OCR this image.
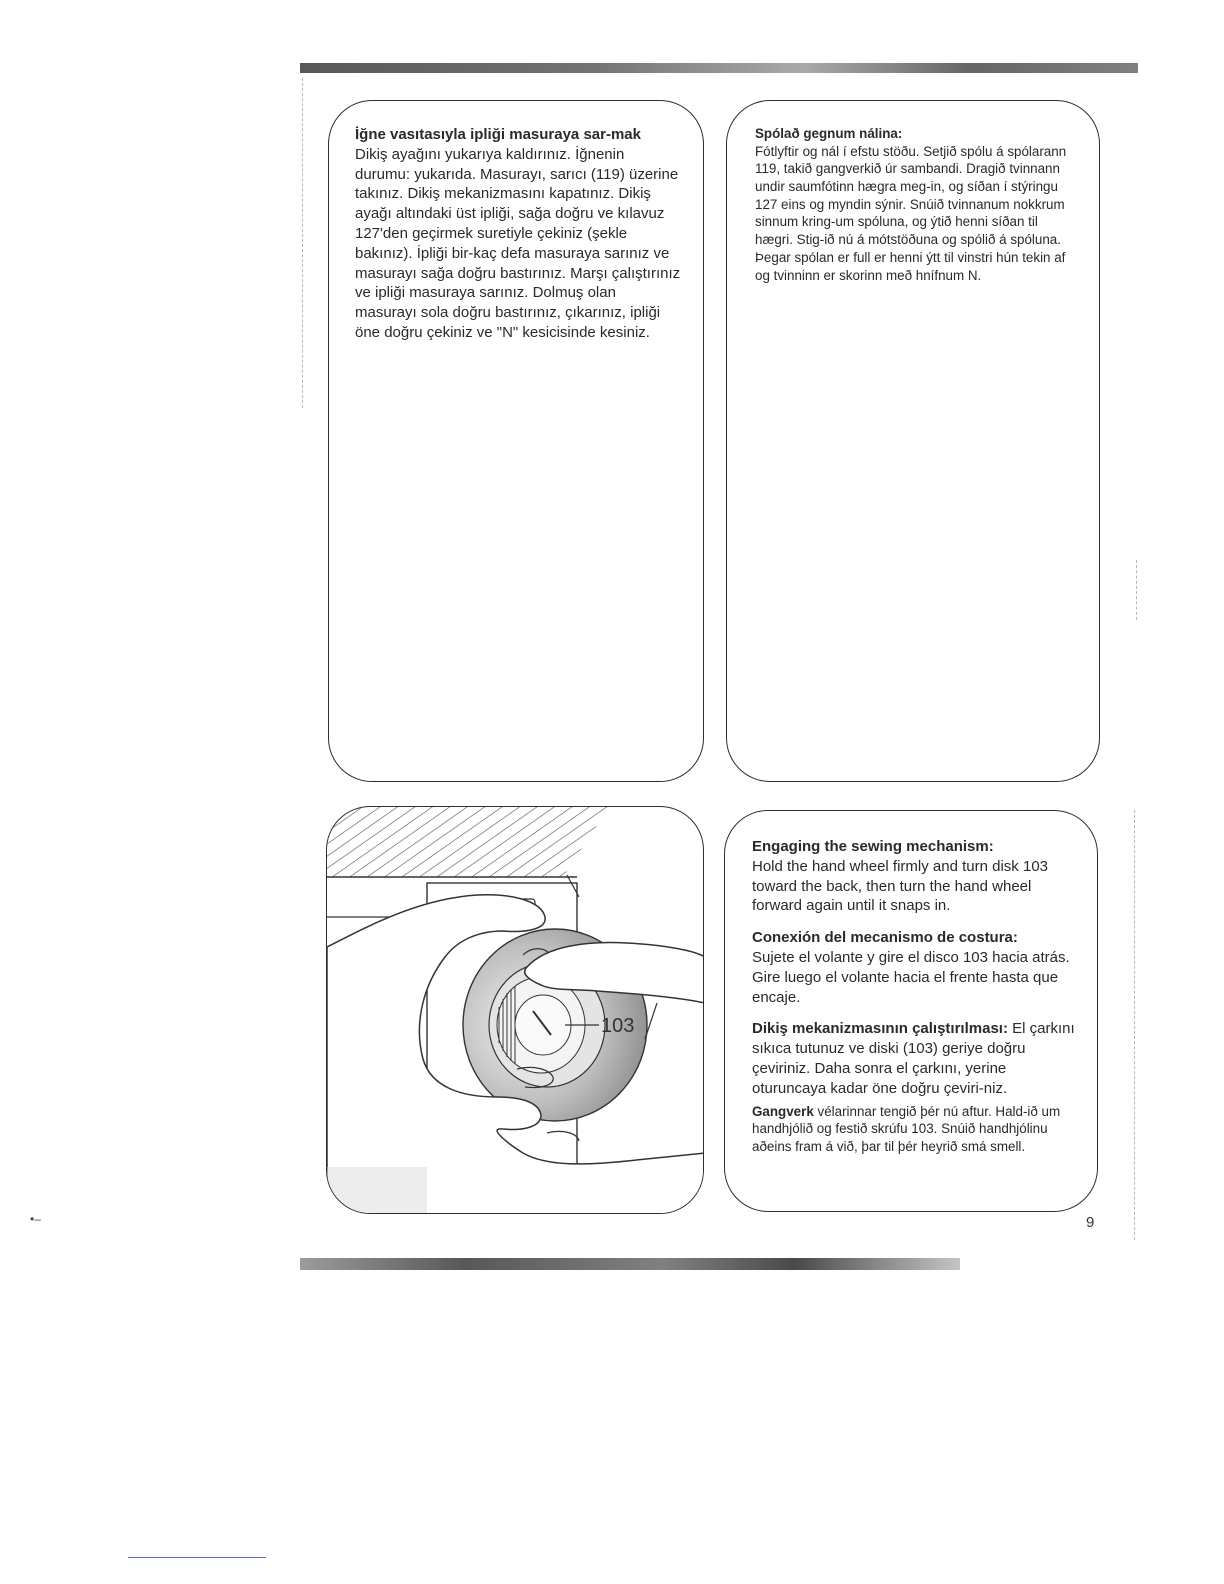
İğne vasıtasıyla ipliği masuraya sar-mak
Dikiş ayağını yukarıya kaldırınız. İğnenin durumu: yukarıda. Masurayı, sarıcı (119) üzerine takınız. Dikiş mekanizmasını kapatınız. Dikiş ayağı altındaki üst ipliği, sağa doğru ve kılavuz 127'den geçirmek suretiyle çekiniz (şekle bakınız). İpliği bir-kaç defa masuraya sarınız ve masurayı sağa doğru bastırınız. Marşı çalıştırınız ve ipliği masuraya sarınız. Dolmuş olan masurayı sola doğru bastırınız, çıkarınız, ipliği öne doğru çekiniz ve "N" kesicisinde kesiniz.
Spólað gegnum nálina:
Fótlyftir og nál í efstu stöðu. Setjið spólu á spólarann 119, takið gangverkið úr sambandi. Dragið tvinnann undir saumfótinn hægra meg-in, og síðan í stýringu 127 eins og myndin sýnir. Snúið tvinnanum nokkrum sinnum kring-um spóluna, og ýtið henni síðan til hægri. Stig-ið nú á mótstöðuna og spólið á spóluna. Þegar spólan er full er henni ýtt til vinstri hún tekin af og tvinninn er skorinn með hnífnum N.
103
Engaging the sewing mechanism:
Hold the hand wheel firmly and turn disk 103 toward the back, then turn the hand wheel forward again until it snaps in.
Conexión del mecanismo de costura:
Sujete el volante y gire el disco 103 hacia atrás. Gire luego el volante hacia el frente hasta que encaje.
Dikiş mekanizmasının çalıştırılması: El çarkını sıkıca tutunuz ve diski (103) geriye doğru çeviriniz. Daha sonra el çarkını, yerine oturuncaya kadar öne doğru çeviri-niz.
Gangverk vélarinnar tengið þér nú aftur. Hald-ið um handhjólið og festið skrúfu 103. Snúið handhjólinu aðeins fram á við, þar til þér heyrið smá smell.
9
•–
